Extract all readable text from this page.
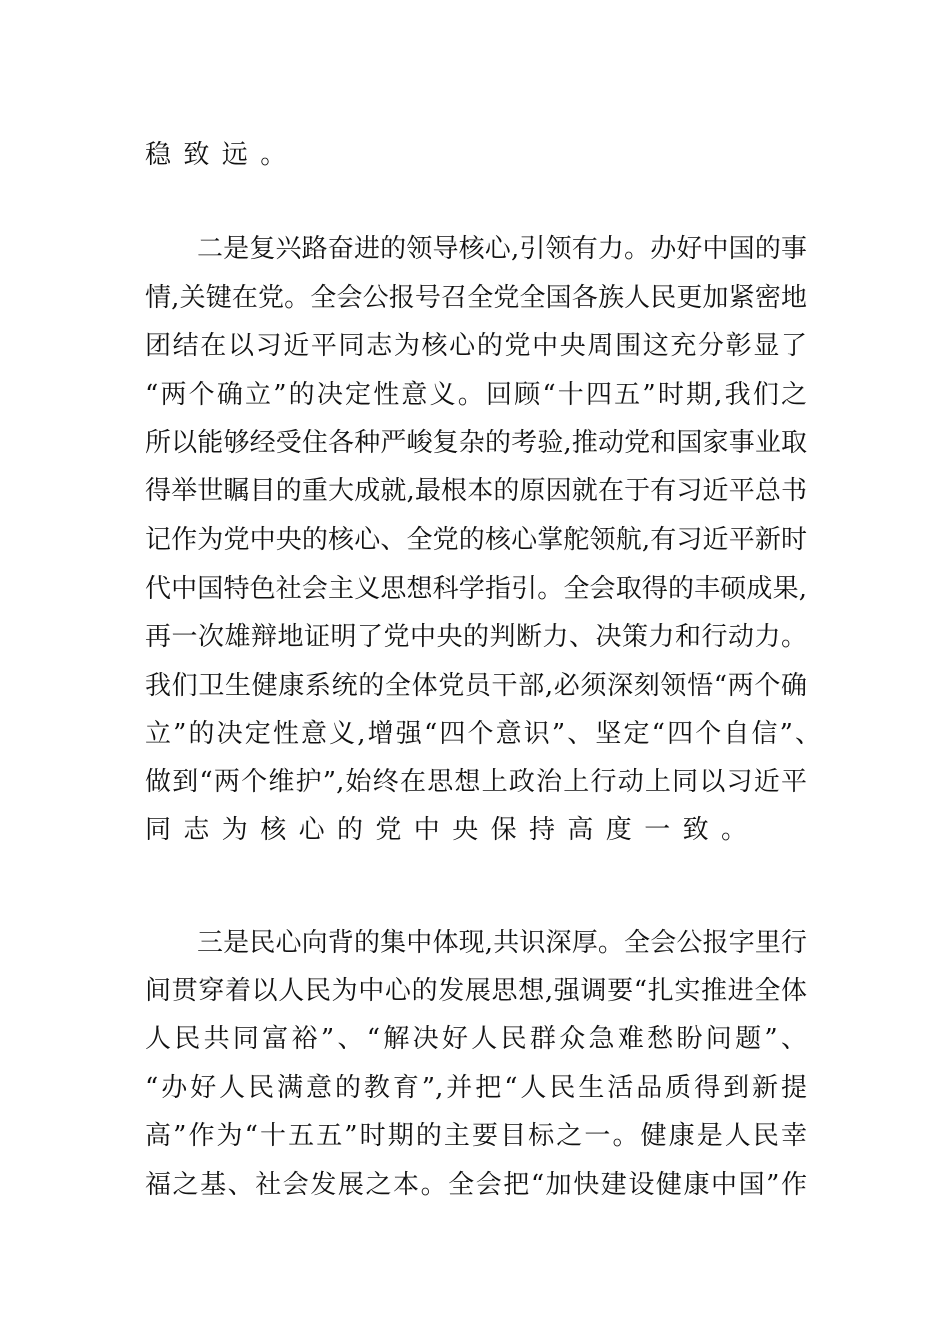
稳致远。
二是复兴路奋进的领导核心,引领有力。办好中国的事
情,关键在党。全会公报号召全党全国各族人民更加紧密地
团结在以习近平同志为核心的党中央周围这充分彰显了
“两个确立”的决定性意义。回顾“十四五”时期,我们之
所以能够经受住各种严峻复杂的考验,推动党和国家事业取
得举世瞩目的重大成就,最根本的原因就在于有习近平总书
记作为党中央的核心、全党的核心掌舵领航,有习近平新时
代中国特色社会主义思想科学指引。全会取得的丰硕成果,
再一次雄辩地证明了党中央的判断力、决策力和行动力。
我们卫生健康系统的全体党员干部,必须深刻领悟“两个确
立”的决定性意义,增强“四个意识”、坚定“四个自信”、
做到“两个维护”,始终在思想上政治上行动上同以习近平
同志为核心的党中央保持高度一致。
三是民心向背的集中体现,共识深厚。全会公报字里行
间贯穿着以人民为中心的发展思想,强调要“扎实推进全体
人民共同富裕”、“解决好人民群众急难愁盼问题”、
“办好人民满意的教育”,并把“人民生活品质得到新提
高”作为“十五五”时期的主要目标之一。健康是人民幸
福之基、社会发展之本。全会把“加快建设健康中国”作
